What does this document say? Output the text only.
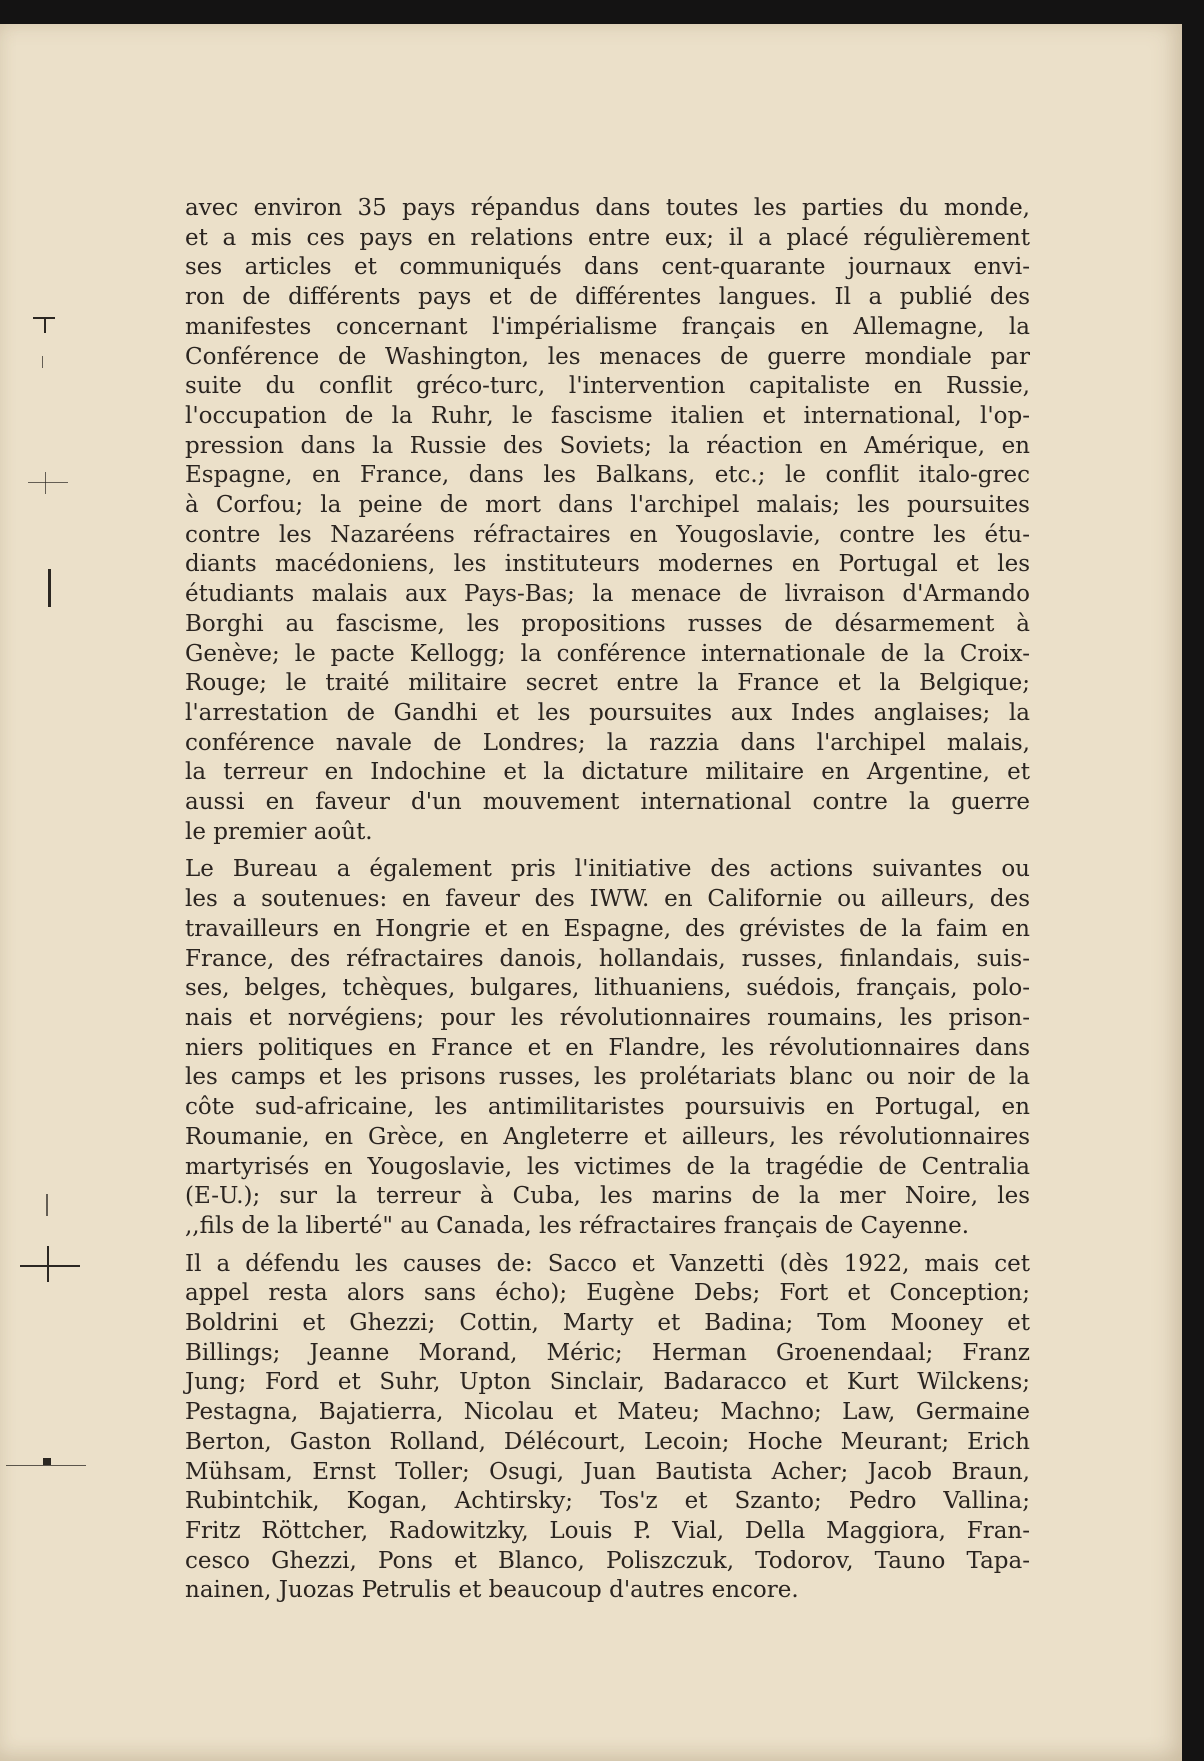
avec environ 35 pays répandus dans toutes les parties du monde,
et a mis ces pays en relations entre eux; il a placé régulièrement
ses articles et communiqués dans cent-quarante journaux envi-
ron de différents pays et de différentes langues. Il a publié des
manifestes concernant l'impérialisme français en Allemagne, la
Conférence de Washington, les menaces de guerre mondiale par
suite du conflit gréco-turc, l'intervention capitaliste en Russie,
l'occupation de la Ruhr, le fascisme italien et international, l'op-
pression dans la Russie des Soviets; la réaction en Amérique, en
Espagne, en France, dans les Balkans, etc.; le conflit italo-grec
à Corfou; la peine de mort dans l'archipel malais; les poursuites
contre les Nazaréens réfractaires en Yougoslavie, contre les étu-
diants macédoniens, les instituteurs modernes en Portugal et les
étudiants malais aux Pays-Bas; la menace de livraison d'Armando
Borghi au fascisme, les propositions russes de désarmement à
Genève; le pacte Kellogg; la conférence internationale de la Croix-
Rouge; le traité militaire secret entre la France et la Belgique;
l'arrestation de Gandhi et les poursuites aux Indes anglaises; la
conférence navale de Londres; la razzia dans l'archipel malais,
la terreur en Indochine et la dictature militaire en Argentine, et
aussi en faveur d'un mouvement international contre la guerre
le premier août.

Le Bureau a également pris l'initiative des actions suivantes ou
les a soutenues: en faveur des IWW. en Californie ou ailleurs, des
travailleurs en Hongrie et en Espagne, des grévistes de la faim en
France, des réfractaires danois, hollandais, russes, finlandais, suis-
ses, belges, tchèques, bulgares, lithuaniens, suédois, français, polo-
nais et norvégiens; pour les révolutionnaires roumains, les prison-
niers politiques en France et en Flandre, les révolutionnaires dans
les camps et les prisons russes, les prolétariats blanc ou noir de la
côte sud-africaine, les antimilitaristes poursuivis en Portugal, en
Roumanie, en Grèce, en Angleterre et ailleurs, les révolutionnaires
martyrisés en Yougoslavie, les victimes de la tragédie de Centralia
(E-U.); sur la terreur à Cuba, les marins de la mer Noire, les
,,fils de la liberté" au Canada, les réfractaires français de Cayenne.

Il a défendu les causes de: Sacco et Vanzetti (dès 1922, mais cet
appel resta alors sans écho); Eugène Debs; Fort et Conception;
Boldrini et Ghezzi; Cottin, Marty et Badina; Tom Mooney et
Billings; Jeanne Morand, Méric; Herman Groenendaal; Franz
Jung; Ford et Suhr, Upton Sinclair, Badaracco et Kurt Wilckens;
Pestagna, Bajatierra, Nicolau et Mateu; Machno; Law, Germaine
Berton, Gaston Rolland, Délécourt, Lecoin; Hoche Meurant; Erich
Mühsam, Ernst Toller; Osugi, Juan Bautista Acher; Jacob Braun,
Rubintchik, Kogan, Achtirsky; Tos'z et Szanto; Pedro Vallina;
Fritz Röttcher, Radowitzky, Louis P. Vial, Della Maggiora, Fran-
cesco Ghezzi, Pons et Blanco, Poliszczuk, Todorov, Tauno Tapa-
nainen, Juozas Petrulis et beaucoup d'autres encore.
